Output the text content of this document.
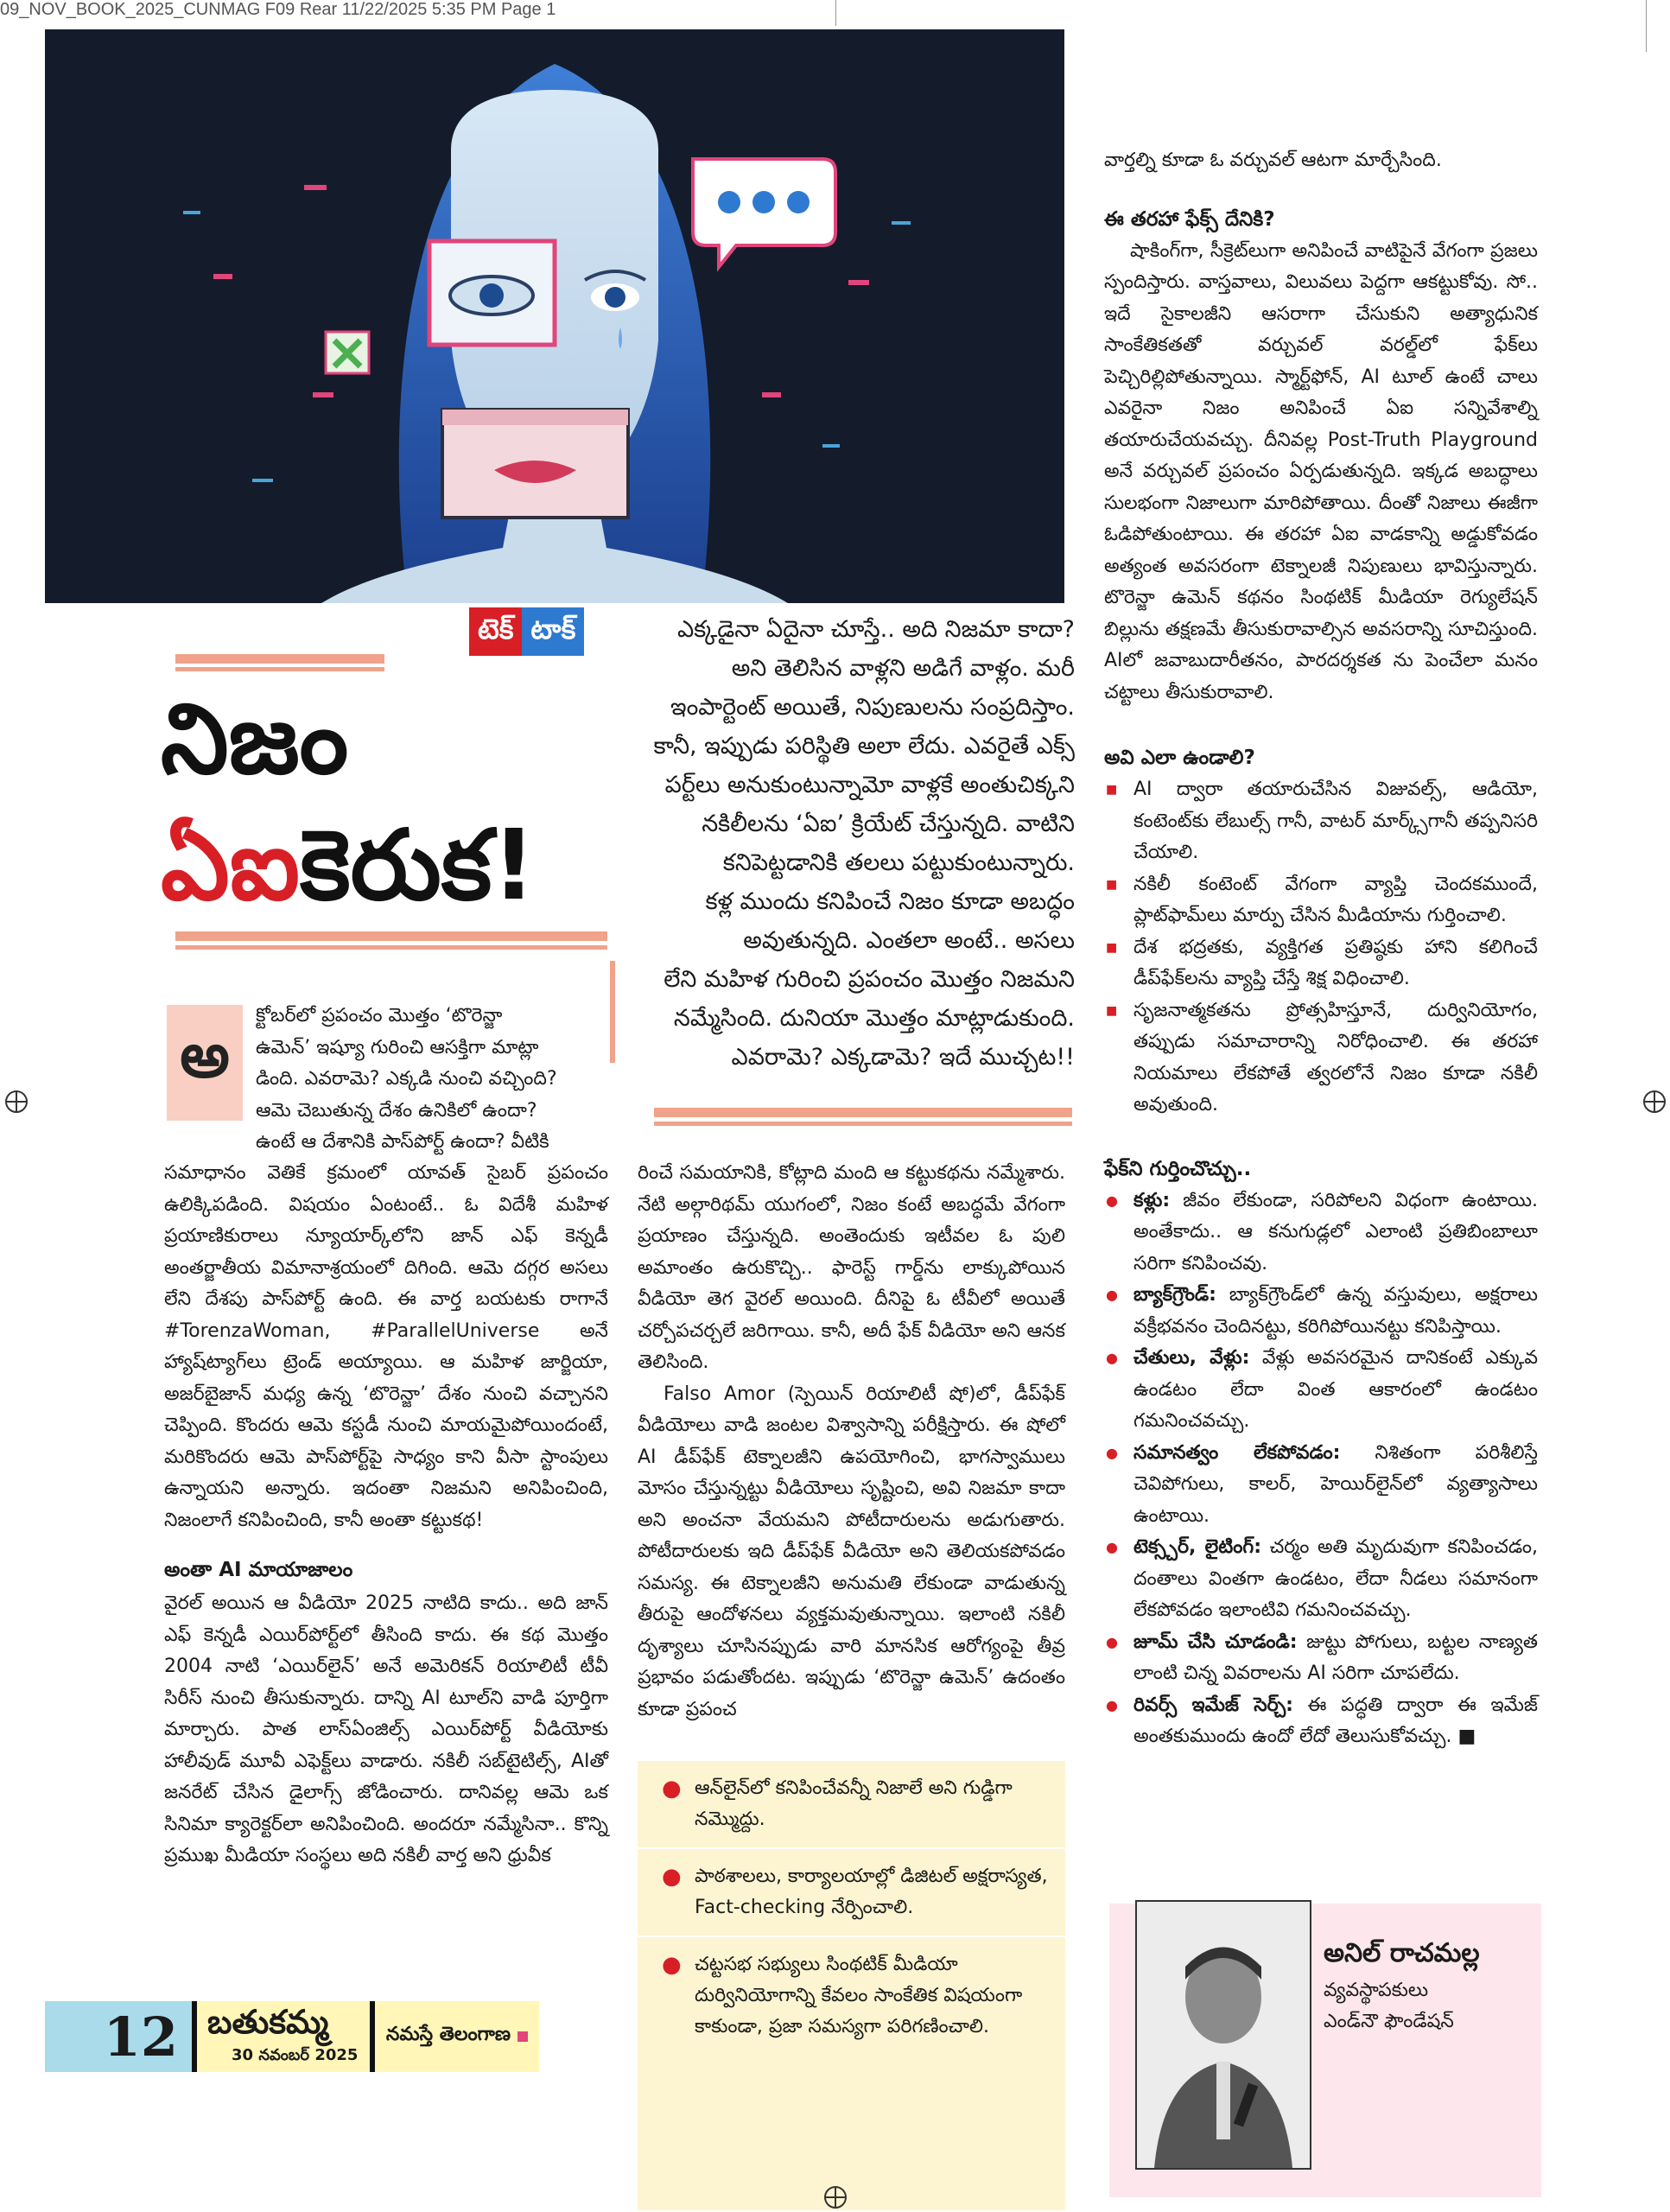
09_NOV_BOOK_2025_CUNMAG F09 Rear 11/22/2025 5:35 PM Page 1
టెక్ టాక్
నిజం
ఏఐకెరుక!
అ
క్టోబర్‌లో ప్రపంచం మొత్తం ‘టొరెన్జా
ఉమెన్’ ఇష్యూ గురించి ఆసక్తిగా మాట్లా
డింది. ఎవరామె? ఎక్కడి నుంచి వచ్చింది?
ఆమె చెబుతున్న దేశం ఉనికిలో ఉందా?
ఉంటే ఆ దేశానికి పాస్‌పోర్ట్‌ ఉందా? వీటికి

సమాధానం వెతికే క్రమంలో యావత్‌ సైబర్‌ ప్రపంచం ఉలిక్కిపడింది. విషయం ఏంటంటే.. ఓ విదేశీ మహిళ ప్రయాణికురాలు న్యూయార్క్‌లోని జాన్‌ ఎఫ్‌ కెన్నడీ అంతర్జాతీయ విమానాశ్రయంలో దిగింది. ఆమె దగ్గర అసలు లేని దేశపు పాస్‌పోర్ట్‌ ఉంది. ఈ వార్త బయటకు రాగానే #TorenzaWoman, #ParallelUniverse అనే హ్యాష్‌ట్యాగ్‌లు ట్రెండ్‌ అయ్యాయి. ఆ మహిళ జార్జియా, అజర్‌బైజాన్‌ మధ్య ఉన్న ‘టొరెన్జా’ దేశం నుంచి వచ్చానని చెప్పింది. కొందరు ఆమె కస్టడీ నుంచి మాయమైపోయిందంటే, మరికొందరు ఆమె పాస్‌పోర్ట్‌పై సాధ్యం కాని వీసా స్టాంపులు ఉన్నాయని అన్నారు. ఇదంతా నిజమని అనిపించింది, నిజంలాగే కనిపించింది, కానీ అంతా కట్టుకథ!

అంతా AI మాయాజాలం

వైరల్‌ అయిన ఆ వీడియో 2025 నాటిది కాదు.. అది జాన్‌ ఎఫ్‌ కెన్నడీ ఎయిర్‌పోర్ట్‌లో తీసింది కాదు. ఈ కథ మొత్తం 2004 నాటి ‘ఎయిర్‌లైన్‌’ అనే అమెరికన్‌ రియాలిటీ టీవీ సిరీస్‌ నుంచి తీసుకున్నారు. దాన్ని AI టూల్‌ని వాడి పూర్తిగా మార్చారు. పాత లాస్‌ఏంజిల్స్‌ ఎయిర్‌పోర్ట్‌ వీడియోకు హాలీవుడ్‌ మూవీ ఎఫెక్ట్‌లు వాడారు. నకిలీ సబ్‌టైటిల్స్‌, AIతో జనరేట్‌ చేసిన డైలాగ్స్‌ జోడించారు. దానివల్ల ఆమె ఒక సినిమా క్యారెక్టర్‌లా అనిపించింది. అందరూ నమ్మేసినా.. కొన్ని ప్రముఖ మీడియా సంస్థలు అది నకిలీ వార్త అని ధ్రువీక

ఎక్కడైనా ఏదైనా చూస్తే.. అది నిజమా కాదా?

అని తెలిసిన వాళ్లని అడిగే వాళ్లం. మరీ

ఇంపార్టెంట్‌ అయితే, నిపుణులను సంప్రదిస్తాం.

కానీ, ఇప్పుడు పరిస్థితి అలా లేదు. ఎవరైతే ఎక్స్‌

పర్ట్‌లు అనుకుంటున్నామో వాళ్లకే అంతుచిక్కని

నకిలీలను ‘ఏఐ’ క్రియేట్‌ చేస్తున్నది. వాటిని

కనిపెట్టడానికి తలలు పట్టుకుంటున్నారు.

కళ్ల ముందు కనిపించే నిజం కూడా అబద్ధం

అవుతున్నది. ఎంతలా అంటే.. అసలు

లేని మహిళ గురించి ప్రపంచం మొత్తం నిజమని

నమ్మేసింది. దునియా మొత్తం మాట్లాడుకుంది.

ఎవరామె? ఎక్కడామె? ఇదే ముచ్చట!!

రించే సమయానికి, కోట్లాది మంది ఆ కట్టుకథను నమ్మేశారు. నేటి అల్గారిథమ్‌ యుగంలో, నిజం కంటే అబద్ధమే వేగంగా ప్రయాణం చేస్తున్నది. అంతెందుకు ఇటీవల ఓ పులి అమాంతం ఉరుకొచ్చి.. ఫారెస్ట్‌ గార్డ్‌ను లాక్కుపోయిన వీడియో తెగ వైరల్‌ అయింది. దీనిపై ఓ టీవీలో అయితే చర్చోపచర్చలే జరిగాయి. కానీ, అదీ ఫేక్‌ వీడియో అని ఆనక తెలిసింది.

Falso Amor (స్పెయిన్‌ రియాలిటీ షో)లో, డీప్‌ఫేక్‌ వీడియోలు వాడి జంటల విశ్వాసాన్ని పరీక్షిస్తారు. ఈ షోలో AI డీప్‌ఫేక్‌ టెక్నాలజీని ఉపయోగించి, భాగస్వాములు మోసం చేస్తున్నట్టు వీడియోలు సృష్టించి, అవి నిజమా కాదా అని అంచనా వేయమని పోటీదారులను అడుగుతారు. పోటీదారులకు ఇది డీప్‌ఫేక్‌ వీడియో అని తెలియకపోవడం సమస్య. ఈ టెక్నాలజీని అనుమతి లేకుండా వాడుతున్న తీరుపై ఆందోళనలు వ్యక్తమవుతున్నాయి. ఇలాంటి నకిలీ దృశ్యాలు చూసినప్పుడు వారి మానసిక ఆరోగ్యంపై తీవ్ర ప్రభావం పడుతోందట. ఇప్పుడు ‘టొరెన్జా ఉమెన్‌’ ఉదంతం కూడా ప్రపంచ

● ఆన్‌లైన్‌లో కనిపించేవన్నీ నిజాలే అని గుడ్డిగా నమ్మొద్దు.
● పాఠశాలలు, కార్యాలయాల్లో డిజిటల్‌ అక్షరాస్యత, Fact-checking నేర్పించాలి.
● చట్టసభ సభ్యులు సింథటిక్‌ మీడియా దుర్వినియోగాన్ని కేవలం సాంకేతిక విషయంగా కాకుండా, ప్రజా సమస్యగా పరిగణించాలి.

వార్తల్ని కూడా ఓ వర్చువల్‌ ఆటగా మార్చేసింది.

ఈ తరహా ఫేక్స్‌ దేనికి?

షాకింగ్‌గా, సీక్రెట్‌లుగా అనిపించే వాటిపైనే వేగంగా ప్రజలు స్పందిస్తారు. వాస్తవాలు, విలువలు పెద్దగా ఆకట్టుకోవు. సో.. ఇదే సైకాలజీని ఆసరాగా చేసుకుని అత్యాధునిక సాంకేతికతతో వర్చువల్‌ వరల్డ్‌లో ఫేక్‌లు పెచ్చిరిల్లిపోతున్నాయి. స్మార్ట్‌ఫోన్‌, AI టూల్‌ ఉంటే చాలు ఎవరైనా నిజం అనిపించే ఏఐ సన్నివేశాల్ని తయారుచేయవచ్చు. దీనివల్ల Post-Truth Playground అనే వర్చువల్‌ ప్రపంచం ఏర్పడుతున్నది. ఇక్కడ అబద్ధాలు సులభంగా నిజాలుగా మారిపోతాయి. దీంతో నిజాలు ఈజీగా ఓడిపోతుంటాయి. ఈ తరహా ఏఐ వాడకాన్ని అడ్డుకోవడం అత్యంత అవసరంగా టెక్నాలజీ నిపుణులు భావిస్తున్నారు. టొరెన్జా ఉమెన్‌ కథనం సింథటిక్‌ మీడియా రెగ్యులేషన్‌ బిల్లును తక్షణమే తీసుకురావాల్సిన అవసరాన్ని సూచిస్తుంది. AIలో జవాబుదారీతనం, పారదర్శకత ను పెంచేలా మనం చట్టాలు తీసుకురావాలి.

అవి ఎలా ఉండాలి?

■ AI ద్వారా తయారుచేసిన విజువల్స్‌, ఆడియో, కంటెంట్‌కు లేబుల్స్‌ గానీ, వాటర్‌ మార్క్స్‌గానీ తప్పనిసరి చేయాలి.
■ నకిలీ కంటెంట్‌ వేగంగా వ్యాప్తి చెందకముందే, ప్లాట్‌ఫామ్‌లు మార్పు చేసిన మీడియాను గుర్తించాలి.
■ దేశ భద్రతకు, వ్యక్తిగత ప్రతిష్ఠకు హాని కలిగించే డీప్‌ఫేక్‌లను వ్యాప్తి చేస్తే శిక్ష విధించాలి.
■ సృజనాత్మకతను ప్రోత్సహిస్తూనే, దుర్వినియోగం, తప్పుడు సమాచారాన్ని నిరోధించాలి. ఈ తరహా నియమాలు లేకపోతే త్వరలోనే నిజం కూడా నకిలీ అవుతుంది.

ఫేక్‌ని గుర్తించొచ్చు..

● కళ్లు: జీవం లేకుండా, సరిపోలని విధంగా ఉంటాయి. అంతేకాదు.. ఆ కనుగుడ్లలో ఎలాంటి ప్రతిబింబాలూ సరిగా కనిపించవు.
● బ్యాక్‌గ్రౌండ్‌: బ్యాక్‌గ్రౌండ్‌లో ఉన్న వస్తువులు, అక్షరాలు వక్రీభవనం చెందినట్టు, కరిగిపోయినట్టు కనిపిస్తాయి.
● చేతులు, వేళ్లు: వేళ్లు అవసరమైన దానికంటే ఎక్కువ ఉండటం లేదా వింత ఆకారంలో ఉండటం గమనించవచ్చు.
● సమానత్వం లేకపోవడం: నిశితంగా పరిశీలిస్తే చెవిపోగులు, కాలర్‌, హెయిర్‌లైన్‌లో వ్యత్యాసాలు ఉంటాయి.
● టెక్స్చర్‌, లైటింగ్‌: చర్మం అతి మృదువుగా కనిపించడం, దంతాలు వింతగా ఉండటం, లేదా నీడలు సమానంగా లేకపోవడం ఇలాంటివి గమనించవచ్చు.
● జూమ్‌ చేసి చూడండి: జుట్టు పోగులు, బట్టల నాణ్యత లాంటి చిన్న వివరాలను AI సరిగా చూపలేదు.
● రివర్స్‌ ఇమేజ్‌ సెర్చ్‌: ఈ పద్ధతి ద్వారా ఈ ఇమేజ్‌ అంతకుముందు ఉందో లేదో తెలుసుకోవచ్చు. ■
అనిల్‌ రాచమల్ల
వ్యవస్థాపకులు
ఎండ్‌నౌ ఫౌండేషన్‌
12 బతుకమ్మ
30 నవంబర్‌ 2025
నమస్తే తెలంగాణ
